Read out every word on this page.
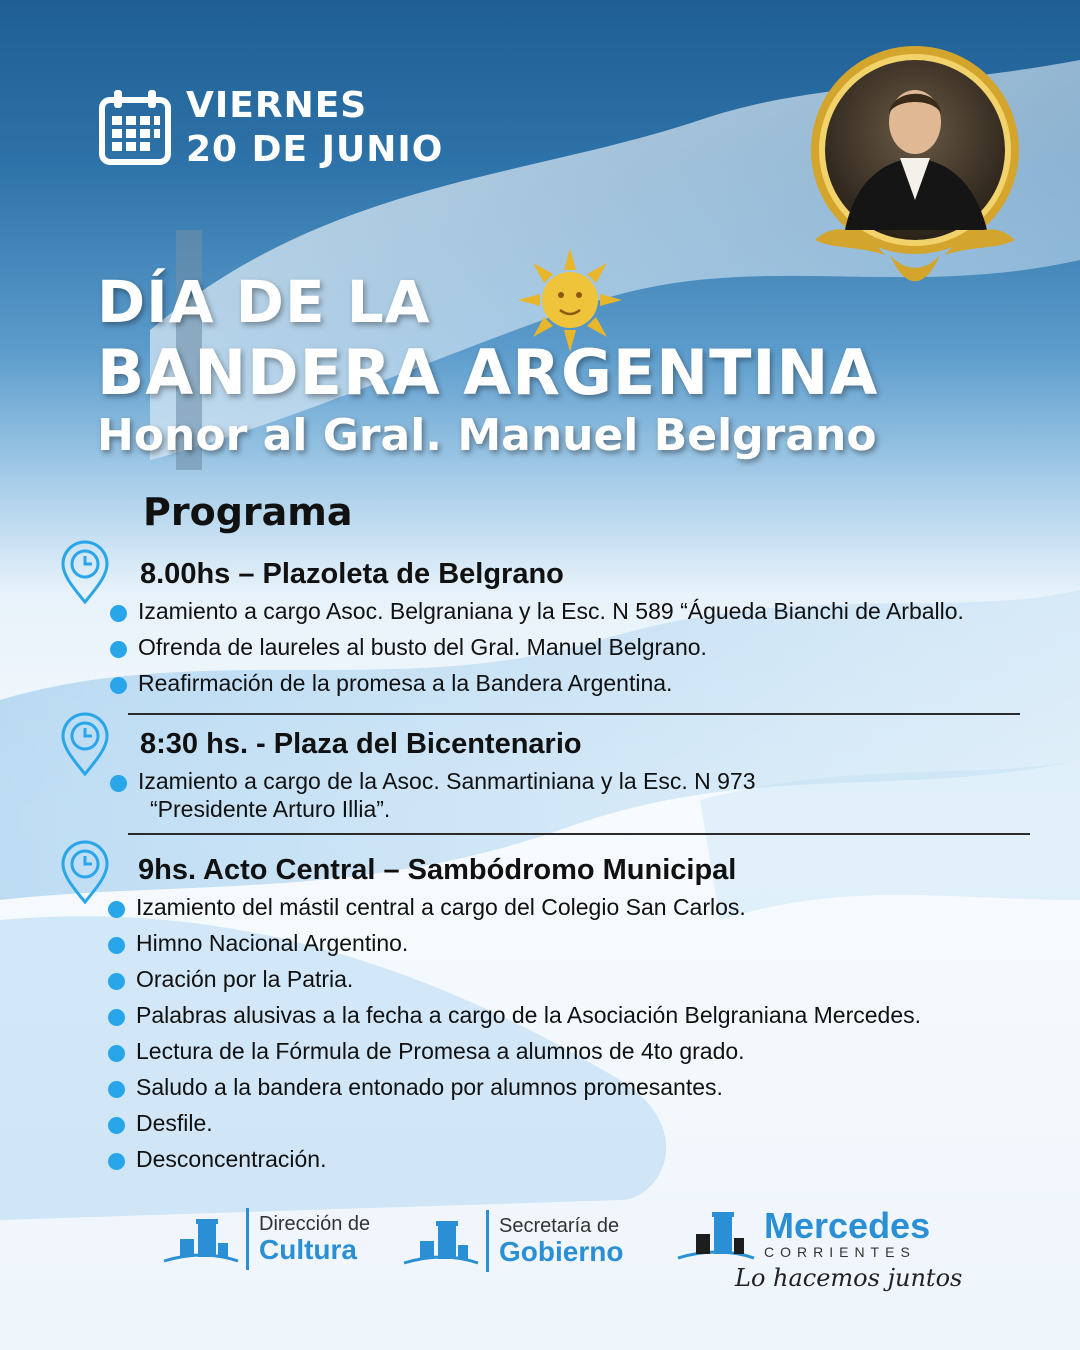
VIERNES
20 DE JUNIO
DÍA DE LA
BANDERA ARGENTINA
Honor al Gral. Manuel Belgrano
Programa
8.00hs – Plazoleta de Belgrano
Izamiento a cargo Asoc. Belgraniana y la Esc. N 589 “Águeda Bianchi de Arballo.
Ofrenda de laureles al busto del Gral. Manuel Belgrano.
Reafirmación de la promesa a la Bandera Argentina.
8:30 hs. - Plaza del Bicentenario
Izamiento a cargo de la Asoc. Sanmartiniana y la Esc. N 973
“Presidente Arturo Illia”.
9hs. Acto Central – Sambódromo Municipal
Izamiento del mástil central a cargo del Colegio San Carlos.
Himno Nacional Argentino.
Oración por la Patria.
Palabras alusivas a la fecha a cargo de la Asociación Belgraniana Mercedes.
Lectura de la Fórmula de Promesa a alumnos de 4to grado.
Saludo a la bandera entonado por alumnos promesantes.
Desfile.
Desconcentración.
Dirección de
Cultura
Secretaría de
Gobierno
Mercedes
CORRIENTES
Lo hacemos juntos
